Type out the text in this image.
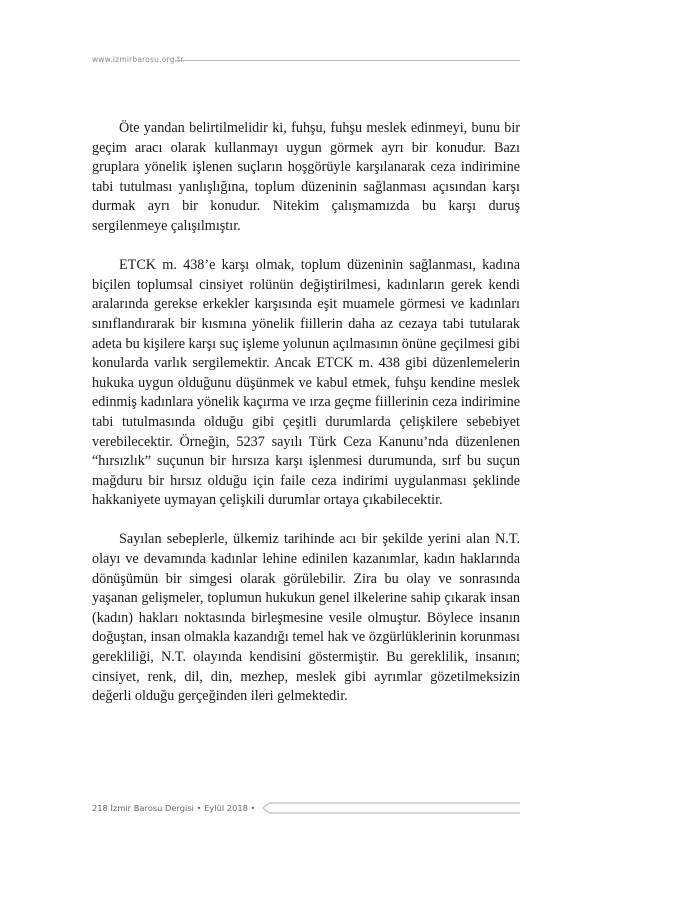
www.izmirbarosu.org.tr

Öte yandan belirtilmelidir ki, fuhşu, fuhşu meslek edinmeyi, bunu bir geçim aracı olarak kullanmayı uygun görmek ayrı bir konudur. Bazı gruplara yönelik işlenen suçların hoşgörüyle karşılanarak ceza indirimine tabi tutulması yanlışlığına, toplum düzeninin sağlanması açısından karşı durmak ayrı bir konudur. Nitekim çalışmamızda bu karşı duruş sergilenmeye çalışılmıştır.

ETCK m. 438’e karşı olmak, toplum düzeninin sağlanması, kadına biçilen toplumsal cinsiyet rolünün değiştirilmesi, kadınların gerek kendi aralarında gerekse erkekler karşısında eşit muamele görmesi ve kadınları sınıflandırarak bir kısmına yönelik fiillerin daha az cezaya tabi tutularak adeta bu kişilere karşı suç işleme yolunun açılmasının önüne geçilmesi gibi konularda varlık sergilemektir. Ancak ETCK m. 438 gibi düzenlemelerin hukuka uygun olduğunu düşünmek ve kabul etmek, fuhşu kendine meslek edinmiş kadınlara yönelik kaçırma ve ırza geçme fiillerinin ceza indirimine tabi tutulmasında olduğu gibi çeşitli durumlarda çelişkilere sebebiyet verebilecektir. Örneğin, 5237 sayılı Türk Ceza Kanunu’nda düzenlenen “hırsızlık” suçunun bir hırsıza karşı işlenmesi durumunda, sırf bu suçun mağduru bir hırsız olduğu için faile ceza indirimi uygulanması şeklinde hakkaniyete uymayan çelişkili durumlar ortaya çıkabilecektir.

Sayılan sebeplerle, ülkemiz tarihinde acı bir şekilde yerini alan N.T. olayı ve devamında kadınlar lehine edinilen kazanımlar, kadın haklarında dönüşümün bir simgesi olarak görülebilir. Zira bu olay ve sonrasında yaşanan gelişmeler, toplumun hukukun genel ilkelerine sahip çıkarak insan (kadın) hakları noktasında birleşmesine vesile olmuştur. Böylece insanın doğuştan, insan olmakla kazandığı temel hak ve özgürlüklerinin korunması gerekliliği, N.T. olayında kendisini göstermiştir. Bu gereklilik, insanın; cinsiyet, renk, dil, din, mezhep, meslek gibi ayrımlar gözetilmeksizin değerli olduğu gerçeğinden ileri gelmektedir.

218 İzmir Barosu Dergisi • Eylül 2018 •
